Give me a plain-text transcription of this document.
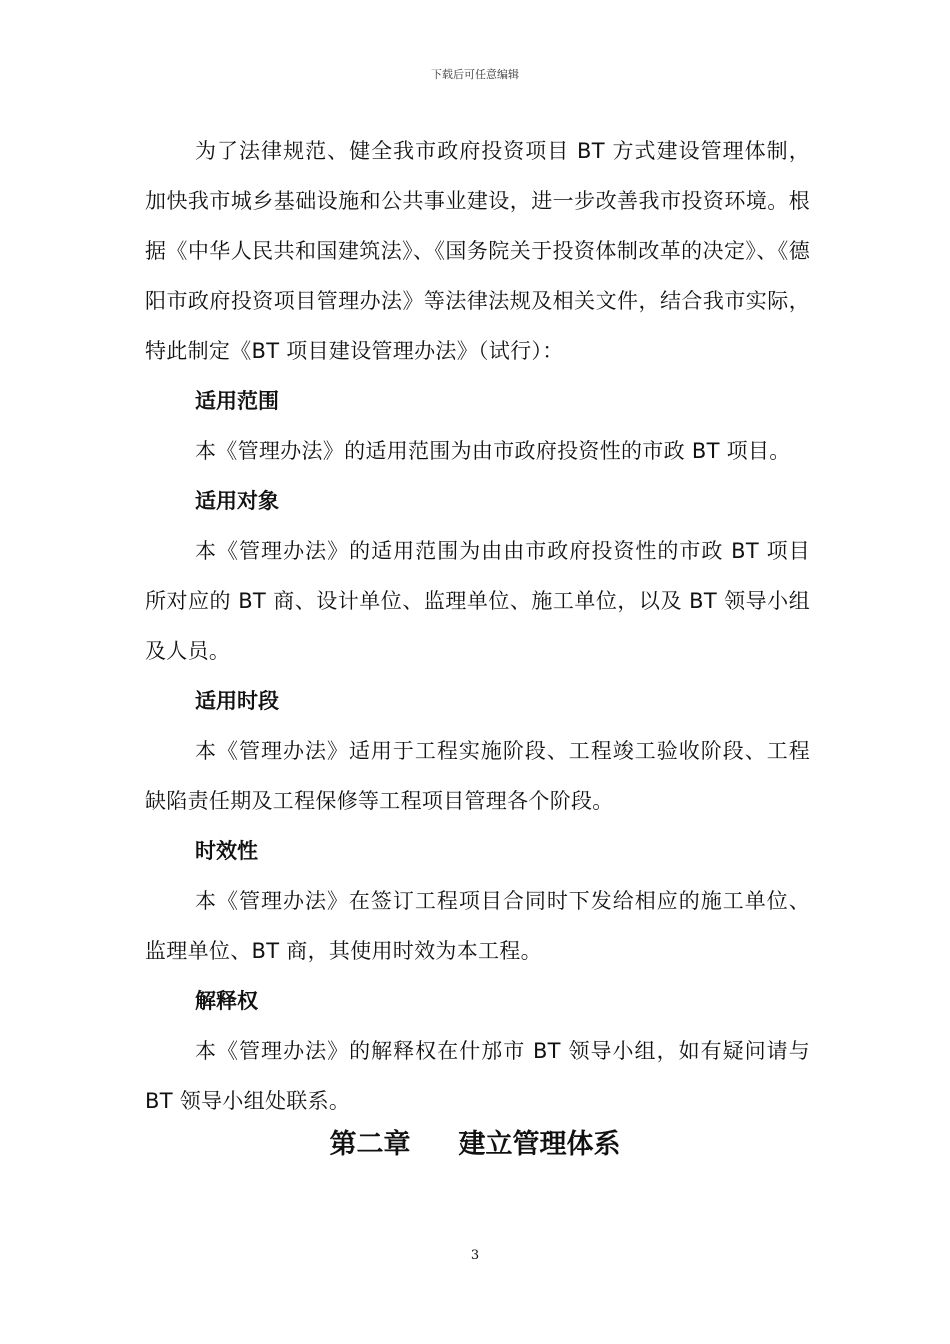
下载后可任意编辑

为了法律规范、健全我市政府投资项目 BT 方式建设管理体制，加快我市城乡基础设施和公共事业建设，进一步改善我市投资环境。根据《中华人民共和国建筑法》、《国务院关于投资体制改革的决定》、《德阳市政府投资项目管理办法》等法律法规及相关文件，结合我市实际，特此制定《BT 项目建设管理办法》（试行）：

适用范围

本《管理办法》的适用范围为由市政府投资性的市政 BT 项目。

适用对象

本《管理办法》的适用范围为由由市政府投资性的市政 BT 项目所对应的 BT 商、设计单位、监理单位、施工单位，以及 BT 领导小组及人员。

适用时段

本《管理办法》适用于工程实施阶段、工程竣工验收阶段、工程缺陷责任期及工程保修等工程项目管理各个阶段。

时效性

本《管理办法》在签订工程项目合同时下发给相应的施工单位、监理单位、BT 商，其使用时效为本工程。

解释权

本《管理办法》的解释权在什邡市 BT 领导小组，如有疑问请与 BT 领导小组处联系。

第二章 建立管理体系
3
